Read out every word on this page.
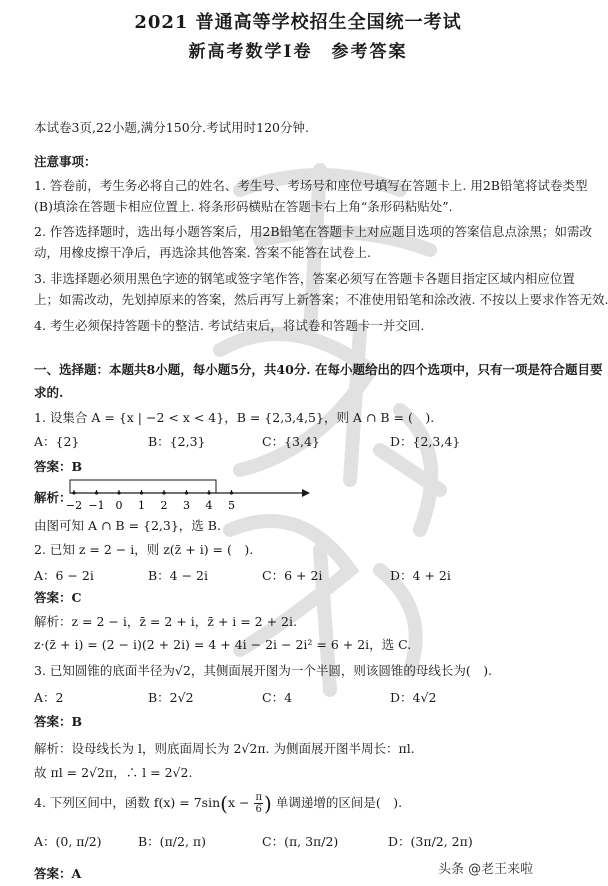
2021 普通高等学校招生全国统一考试
新高考数学Ⅰ卷　参考答案
本试卷3页,22小题,满分150分.考试用时120分钟.
注意事项：
1. 答卷前，考生务必将自己的姓名、考生号、考场号和座位号填写在答题卡上. 用2B铅笔将试卷类型
(B)填涂在答题卡相应位置上. 将条形码横贴在答题卡右上角“条形码粘贴处”.
2. 作答选择题时，选出每小题答案后，用2B铅笔在答题卡上对应题目选项的答案信息点涂黑；如需改
动，用橡皮擦干净后，再选涂其他答案. 答案不能答在试卷上.
3. 非选择题必须用黑色字迹的钢笔或签字笔作答，答案必须写在答题卡各题目指定区域内相应位置
上；如需改动，先划掉原来的答案，然后再写上新答案；不准使用铅笔和涂改液. 不按以上要求作答无效.
4. 考生必须保持答题卡的整洁. 考试结束后，将试卷和答题卡一并交回.
一、选择题：本题共8小题，每小题5分，共40分. 在每小题给出的四个选项中，只有一项是符合题目要
求的.
1. 设集合 A = {x | −2 < x < 4}，B = {2,3,4,5}，则 A ∩ B = (　).
A：{2}	B：{2,3}	C：{3,4}	D：{2,3,4}
答案：B
解析：
−2 −1 0 1 2 3 4 5
由图可知 A ∩ B = {2,3}，选 B.
2. 已知 z = 2 − i，则 z(z̄ + i) = (　).
A：6 − 2i	B：4 − 2i	C：6 + 2i	D：4 + 2i
答案：C
解析：z = 2 − i，z̄ = 2 + i，z̄ + i = 2 + 2i.
z·(z̄ + i) = (2 − i)(2 + 2i) = 4 + 4i − 2i − 2i² = 6 + 2i，选 C.
3. 已知圆锥的底面半径为√2，其侧面展开图为一个半圆，则该圆锥的母线长为(　).
A：2	B：2√2	C：4	D：4√2
答案：B
解析：设母线长为 l，则底面周长为 2√2π. 为侧面展开图半周长：πl.
故 πl = 2√2π，∴ l = 2√2.
4. 下列区间中，函数 $f(x) = 7\sin(x - \frac{\pi}{6}$ ) 单调递增的区间是(　).
A：(0, π/2)	B：(π/2, π)	C：(π, 3π/2)	D：(3π/2, 2π)
答案：A	头条 @老王来啦
